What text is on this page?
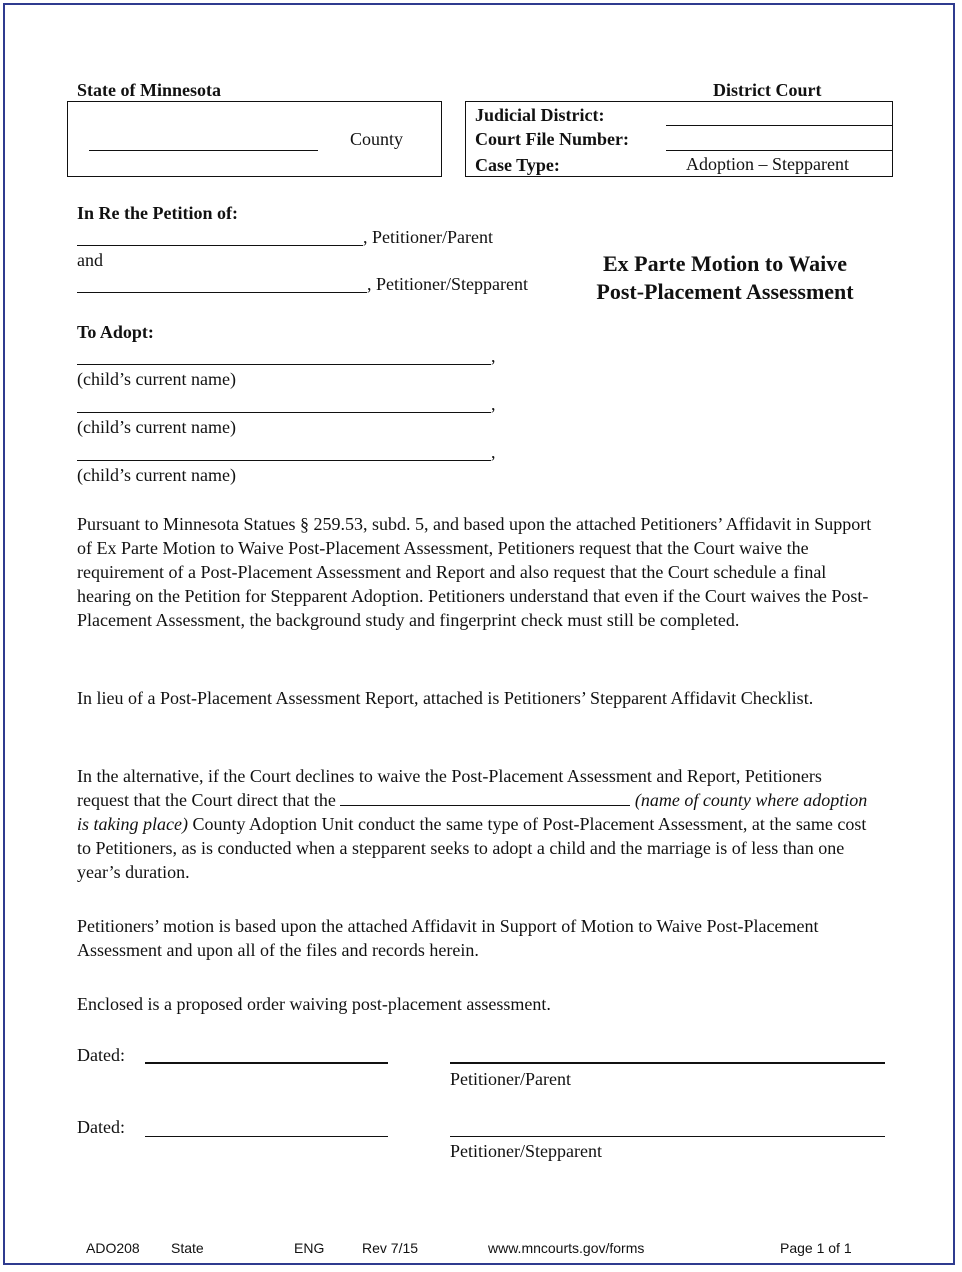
State of Minnesota	District Court
County
Judicial District:
Court File Number:
Case Type:	Adoption – Stepparent
In Re the Petition of:
, Petitioner/Parent
and
, Petitioner/Stepparent
Ex Parte Motion to Waive
Post-Placement Assessment
To Adopt:
,
(child’s current name)
,
(child’s current name)
,
(child’s current name)
Pursuant to Minnesota Statues § 259.53, subd. 5, and based upon the attached Petitioners’ Affidavit in Support of Ex Parte Motion to Waive Post-Placement Assessment, Petitioners request that the Court waive the requirement of a Post-Placement Assessment and Report and also request that the Court schedule a final hearing on the Petition for Stepparent Adoption. Petitioners understand that even if the Court waives the Post-Placement Assessment, the background study and fingerprint check must still be completed.
In lieu of a Post-Placement Assessment Report, attached is Petitioners’ Stepparent Affidavit Checklist.
In the alternative, if the Court declines to waive the Post-Placement Assessment and Report, Petitioners request that the Court direct that the	(name of county where adoption is taking place) County Adoption Unit conduct the same type of Post-Placement Assessment, at the same cost to Petitioners, as is conducted when a stepparent seeks to adopt a child and the marriage is of less than one year’s duration.
Petitioners’ motion is based upon the attached Affidavit in Support of Motion to Waive Post-Placement Assessment and upon all of the files and records herein.
Enclosed is a proposed order waiving post-placement assessment.
Dated:
Petitioner/Parent
Dated:
Petitioner/Stepparent
ADO208 State	ENG	Rev 7/15	www.mncourts.gov/forms	Page 1 of 1
